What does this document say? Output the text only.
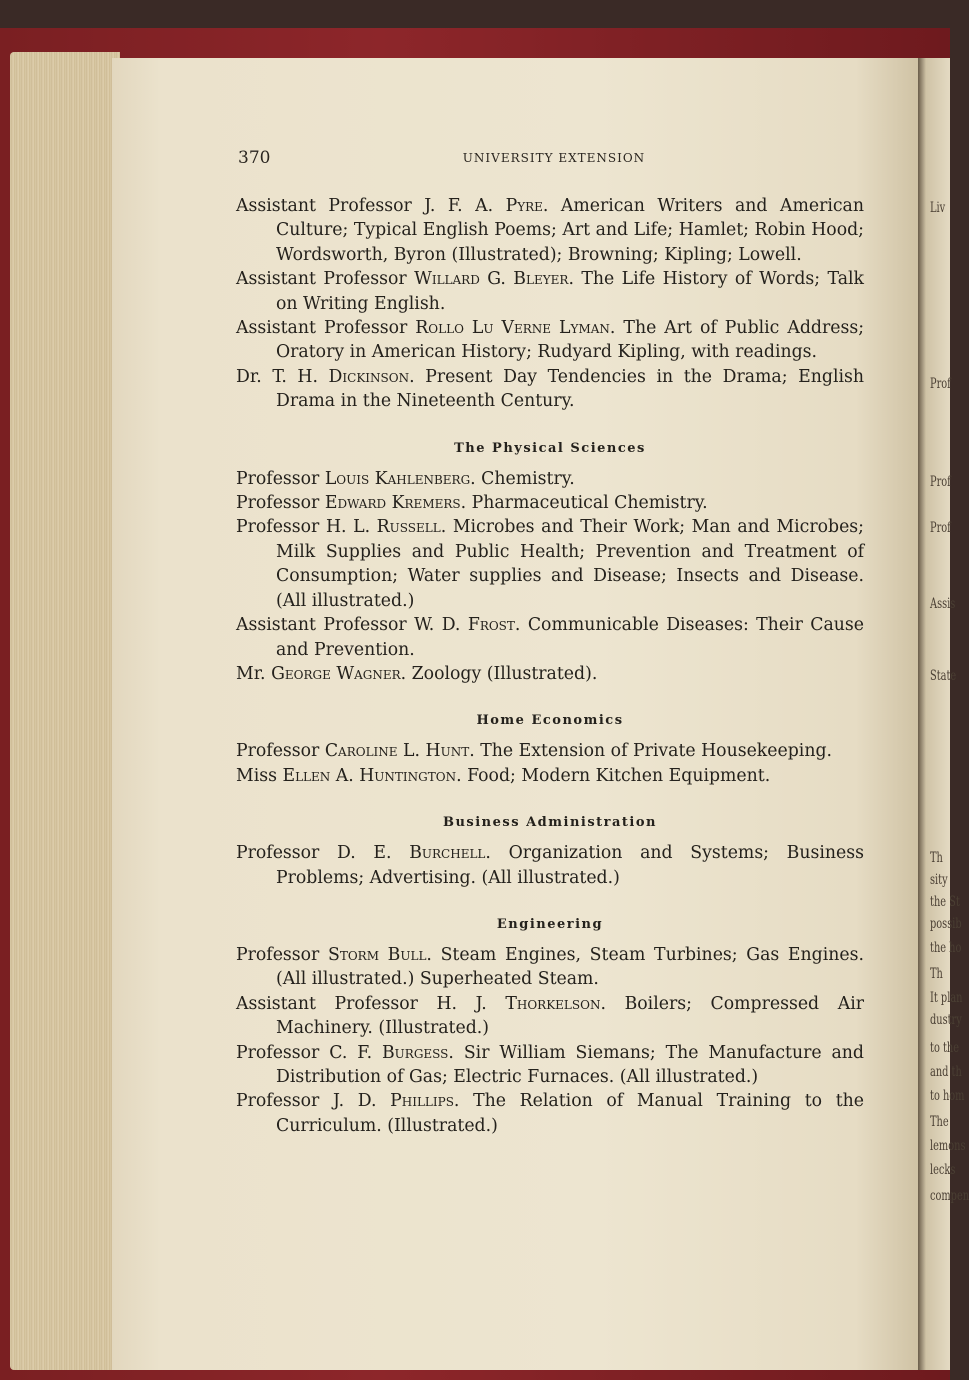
Liv
Prof
Prof
Prof
Assis
State
Th
sity
the St
possib
the ho
Th
It plan
dustry
to the
and th
to hom
The
lemons
lecks
compen
370	UNIVERSITY EXTENSION
Assistant Professor J. F. A. Pyre. American Writers and American Culture; Typical English Poems; Art and Life; Hamlet; Robin Hood; Wordsworth, Byron (Illustrated); Browning; Kipling; Lowell.
Assistant Professor Willard G. Bleyer. The Life History of Words; Talk on Writing English.
Assistant Professor Rollo Lu Verne Lyman. The Art of Public Address; Oratory in American History; Rudyard Kipling, with readings.
Dr. T. H. Dickinson. Present Day Tendencies in the Drama; English Drama in the Nineteenth Century.
The Physical Sciences
Professor Louis Kahlenberg. Chemistry.
Professor Edward Kremers. Pharmaceutical Chemistry.
Professor H. L. Russell. Microbes and Their Work; Man and Microbes; Milk Supplies and Public Health; Prevention and Treatment of Consumption; Water supplies and Disease; Insects and Disease. (All illustrated.)
Assistant Professor W. D. Frost. Communicable Diseases: Their Cause and Prevention.
Mr. George Wagner. Zoology (Illustrated).
Home Economics
Professor Caroline L. Hunt. The Extension of Private Housekeeping.
Miss Ellen A. Huntington. Food; Modern Kitchen Equipment.
Business Administration
Professor D. E. Burchell. Organization and Systems; Business Problems; Advertising. (All illustrated.)
Engineering
Professor Storm Bull. Steam Engines, Steam Turbines; Gas Engines. (All illustrated.) Superheated Steam.
Assistant Professor H. J. Thorkelson. Boilers; Compressed Air Machinery. (Illustrated.)
Professor C. F. Burgess. Sir William Siemans; The Manufacture and Distribution of Gas; Electric Furnaces. (All illustrated.)
Professor J. D. Phillips. The Relation of Manual Training to the Curriculum. (Illustrated.)
